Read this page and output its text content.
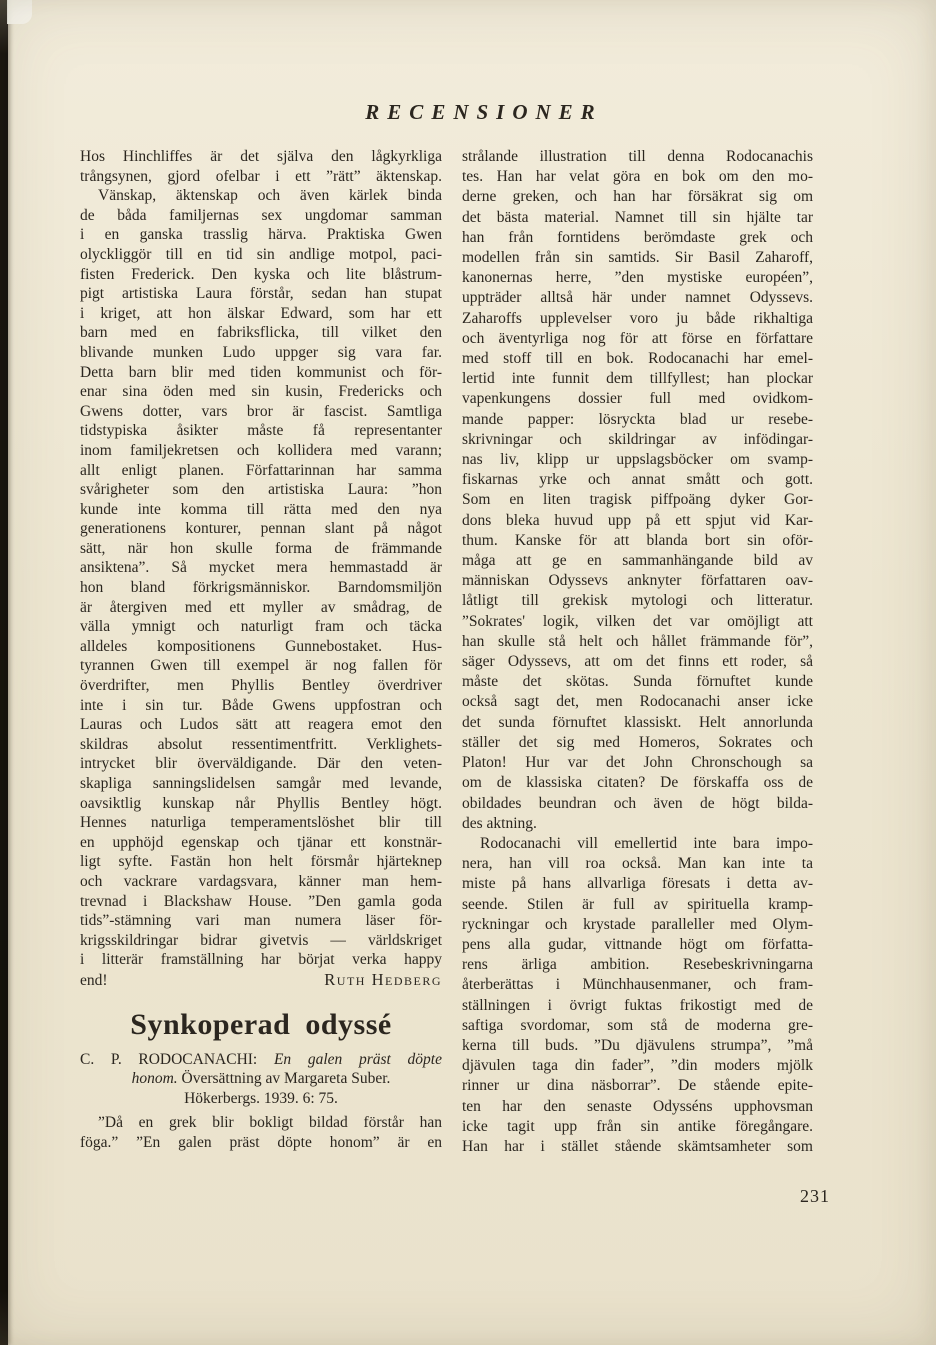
RECENSIONER
Hos Hinchliffes är det själva den lågkyrkliga
trångsynen, gjord ofelbar i ett ”rätt” äktenskap.
Vänskap, äktenskap och även kärlek binda
de båda familjernas sex ungdomar samman
i en ganska trasslig härva. Praktiska Gwen
olyckliggör till en tid sin andlige motpol, paci-
fisten Frederick. Den kyska och lite blåstrum-
pigt artistiska Laura förstår, sedan han stupat
i kriget, att hon älskar Edward, som har ett
barn med en fabriksflicka, till vilket den
blivande munken Ludo uppger sig vara far.
Detta barn blir med tiden kommunist och för-
enar sina öden med sin kusin, Fredericks och
Gwens dotter, vars bror är fascist. Samtliga
tidstypiska åsikter måste få representanter
inom familjekretsen och kollidera med varann;
allt enligt planen. Författarinnan har samma
svårigheter som den artistiska Laura: ”hon
kunde inte komma till rätta med den nya
generationens konturer, pennan slant på något
sätt, när hon skulle forma de främmande
ansiktena”. Så mycket mera hemmastadd är
hon bland förkrigsmänniskor. Barndomsmiljön
är återgiven med ett myller av smådrag, de
välla ymnigt och naturligt fram och täcka
alldeles kompositionens Gunnebostaket. Hus-
tyrannen Gwen till exempel är nog fallen för
överdrifter, men Phyllis Bentley överdriver
inte i sin tur. Både Gwens uppfostran och
Lauras och Ludos sätt att reagera emot den
skildras absolut ressentimentfritt. Verklighets-
intrycket blir överväldigande. Där den veten-
skapliga sanningslidelsen samgår med levande,
oavsiktlig kunskap når Phyllis Bentley högt.
Hennes naturliga temperamentslöshet blir till
en upphöjd egenskap och tjänar ett konstnär-
ligt syfte. Fastän hon helt försmår hjärteknep
och vackrare vardagsvara, känner man hem-
trevnad i Blackshaw House. ”Den gamla goda
tids”-stämning vari man numera läser för-
krigsskildringar bidrar givetvis — världskriget
i litterär framställning har börjat verka happy
end!	Ruth Hedberg
Synkoperad odyssé
C. P. RODOCANACHI: En galen präst döpte
honom. Översättning av Margareta Suber.
Hökerbergs. 1939. 6: 75.
”Då en grek blir bokligt bildad förstår han
föga.” ”En galen präst döpte honom” är en
strålande illustration till denna Rodocanachis
tes. Han har velat göra en bok om den mo-
derne greken, och han har försäkrat sig om
det bästa material. Namnet till sin hjälte tar
han från forntidens berömdaste grek och
modellen från sin samtids. Sir Basil Zaharoff,
kanonernas herre, ”den mystiske européen”,
uppträder alltså här under namnet Odyssevs.
Zaharoffs upplevelser voro ju både rikhaltiga
och äventyrliga nog för att förse en författare
med stoff till en bok. Rodocanachi har emel-
lertid inte funnit dem tillfyllest; han plockar
vapenkungens dossier full med ovidkom-
mande papper: lösryckta blad ur resebe-
skrivningar och skildringar av infödingar-
nas liv, klipp ur uppslagsböcker om svamp-
fiskarnas yrke och annat smått och gott.
Som en liten tragisk piffpoäng dyker Gor-
dons bleka huvud upp på ett spjut vid Kar-
thum. Kanske för att blanda bort sin oför-
måga att ge en sammanhängande bild av
människan Odyssevs anknyter författaren oav-
låtligt till grekisk mytologi och litteratur.
”Sokrates' logik, vilken det var omöjligt att
han skulle stå helt och hållet främmande för”,
säger Odyssevs, att om det finns ett roder, så
måste det skötas. Sunda förnuftet kunde
också sagt det, men Rodocanachi anser icke
det sunda förnuftet klassiskt. Helt annorlunda
ställer det sig med Homeros, Sokrates och
Platon! Hur var det John Chronschough sa
om de klassiska citaten? De förskaffa oss de
obildades beundran och även de högt bilda-
des aktning.
Rodocanachi vill emellertid inte bara impo-
nera, han vill roa också. Man kan inte ta
miste på hans allvarliga föresats i detta av-
seende. Stilen är full av spirituella kramp-
ryckningar och krystade paralleller med Olym-
pens alla gudar, vittnande högt om författa-
rens ärliga ambition. Resebeskrivningarna
återberättas i Münchhausenmaner, och fram-
ställningen i övrigt fuktas frikostigt med de
saftiga svordomar, som stå de moderna gre-
kerna till buds. ”Du djävulens strumpa”, ”må
djävulen taga din fader”, ”din moders mjölk
rinner ur dina näsborrar”. De stående epite-
ten har den senaste Odysséns upphovsman
icke tagit upp från sin antike föregångare.
Han har i stället stående skämtsamheter som
231
